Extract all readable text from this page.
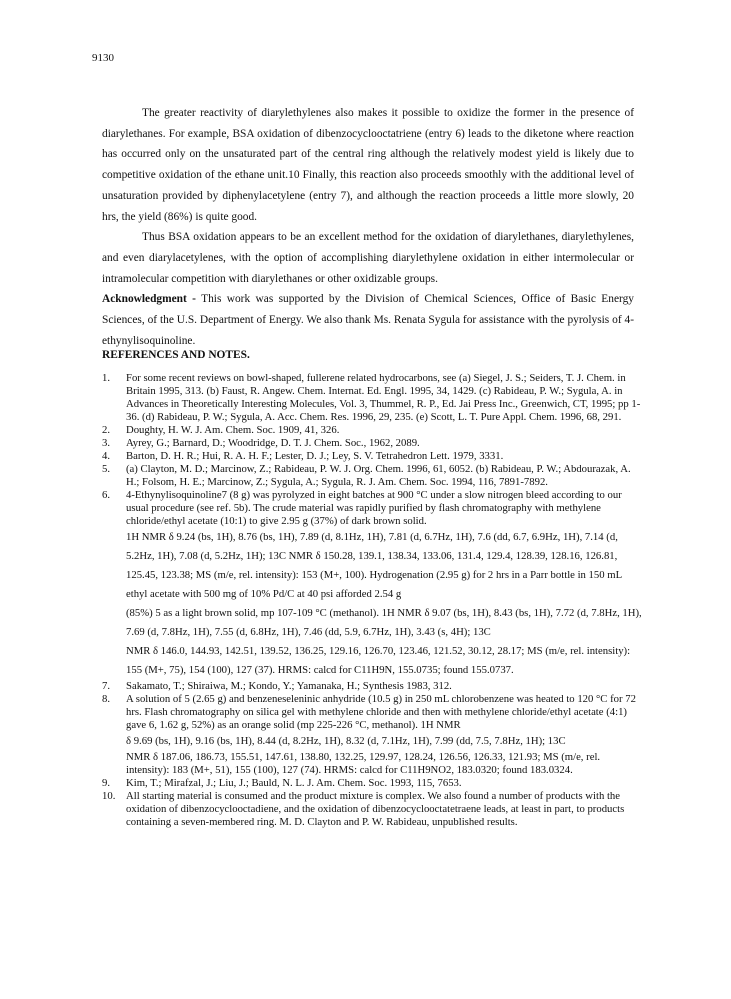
9130

The greater reactivity of diarylethylenes also makes it possible to oxidize the former in the presence of diarylethanes. For example, BSA oxidation of dibenzocyclooctatriene (entry 6) leads to the diketone where reaction has occurred only on the unsaturated part of the central ring although the relatively modest yield is likely due to competitive oxidation of the ethane unit.10 Finally, this reaction also proceeds smoothly with the additional level of unsaturation provided by diphenylacetylene (entry 7), and although the reaction proceeds a little more slowly, 20 hrs, the yield (86%) is quite good.

Thus BSA oxidation appears to be an excellent method for the oxidation of diarylethanes, diarylethylenes, and even diarylacetylenes, with the option of accomplishing diarylethylene oxidation in either intermolecular or intramolecular competition with diarylethanes or other oxidizable groups.

Acknowledgment - This work was supported by the Division of Chemical Sciences, Office of Basic Energy Sciences, of the U.S. Department of Energy. We also thank Ms. Renata Sygula for assistance with the pyrolysis of 4-ethynylisoquinoline.

REFERENCES AND NOTES.
1.	For some recent reviews on bowl-shaped, fullerene related hydrocarbons, see (a) Siegel, J. S.; Seiders, T. J. Chem. in Britain 1995, 313. (b) Faust, R. Angew. Chem. Internat. Ed. Engl. 1995, 34, 1429. (c) Rabideau, P. W.; Sygula, A. in Advances in Theoretically Interesting Molecules, Vol. 3, Thummel, R. P., Ed. Jai Press Inc., Greenwich, CT, 1995; pp 1-36. (d) Rabideau, P. W.; Sygula, A. Acc. Chem. Res. 1996, 29, 235. (e) Scott, L. T. Pure Appl. Chem. 1996, 68, 291.

2.	Doughty, H. W. J. Am. Chem. Soc. 1909, 41, 326.

3.	Ayrey, G.; Barnard, D.; Woodridge, D. T. J. Chem. Soc., 1962, 2089.

4.	Barton, D. H. R.; Hui, R. A. H. F.; Lester, D. J.; Ley, S. V. Tetrahedron Lett. 1979, 3331.

5.	(a) Clayton, M. D.; Marcinow, Z.; Rabideau, P. W. J. Org. Chem. 1996, 61, 6052. (b) Rabideau, P. W.; Abdourazak, A. H.; Folsom, H. E.; Marcinow, Z.; Sygula, A.; Sygula, R. J. Am. Chem. Soc. 1994, 116, 7891-7892.

6.	4-Ethynylisoquinoline7 (8 g) was pyrolyzed in eight batches at 900 °C under a slow nitrogen bleed according to our usual procedure (see ref. 5b). The crude material was rapidly purified by flash chromatography with methylene chloride/ethyl acetate (10:1) to give 2.95 g (37%) of dark brown solid.

1H NMR δ 9.24 (bs, 1H), 8.76 (bs, 1H), 7.89 (d, 8.1Hz, 1H), 7.81 (d, 6.7Hz, 1H), 7.6 (dd, 6.7, 6.9Hz, 1H), 7.14 (d, 5.2Hz, 1H), 7.08 (d, 5.2Hz, 1H); 13C NMR δ 150.28, 139.1, 138.34, 133.06, 131.4, 129.4, 128.39, 128.16, 126.81, 125.45, 123.38; MS (m/e, rel. intensity): 153 (M+, 100). Hydrogenation (2.95 g) for 2 hrs in a Parr bottle in 150 mL ethyl acetate with 500 mg of 10% Pd/C at 40 psi afforded 2.54 g

(85%) 5 as a light brown solid, mp 107-109 °C (methanol). 1H NMR δ 9.07 (bs, 1H), 8.43 (bs, 1H), 7.72 (d, 7.8Hz, 1H), 7.69 (d, 7.8Hz, 1H), 7.55 (d, 6.8Hz, 1H), 7.46 (dd, 5.9, 6.7Hz, 1H), 3.43 (s, 4H); 13C

NMR δ 146.0, 144.93, 142.51, 139.52, 136.25, 129.16, 126.70, 123.46, 121.52, 30.12, 28.17; MS (m/e, rel. intensity): 155 (M+, 75), 154 (100), 127 (37). HRMS: calcd for C11H9N, 155.0735; found 155.0737.

7.	Sakamato, T.; Shiraiwa, M.; Kondo, Y.; Yamanaka, H.; Synthesis 1983, 312.

8.	A solution of 5 (2.65 g) and benzeneseleninic anhydride (10.5 g) in 250 mL chlorobenzene was heated to 120 °C for 72 hrs. Flash chromatography on silica gel with methylene chloride and then with methylene chloride/ethyl acetate (4:1) gave 6, 1.62 g, 52%) as an orange solid (mp 225-226 °C, methanol). 1H NMR

δ 9.69 (bs, 1H), 9.16 (bs, 1H), 8.44 (d, 8.2Hz, 1H), 8.32 (d, 7.1Hz, 1H), 7.99 (dd, 7.5, 7.8Hz, 1H); 13C

NMR δ 187.06, 186.73, 155.51, 147.61, 138.80, 132.25, 129.97, 128.24, 126.56, 126.33, 121.93; MS (m/e, rel. intensity): 183 (M+, 51), 155 (100), 127 (74). HRMS: calcd for C11H9NO2, 183.0320; found 183.0324.

9.	Kim, T.; Mirafzal, J.; Liu, J.; Bauld, N. L. J. Am. Chem. Soc. 1993, 115, 7653.

10. All starting material is consumed and the product mixture is complex. We also found a number of products with the oxidation of dibenzocyclooctadiene, and the oxidation of dibenzocyclooctatetraene leads, at least in part, to products containing a seven-membered ring. M. D. Clayton and P. W. Rabideau, unpublished results.
